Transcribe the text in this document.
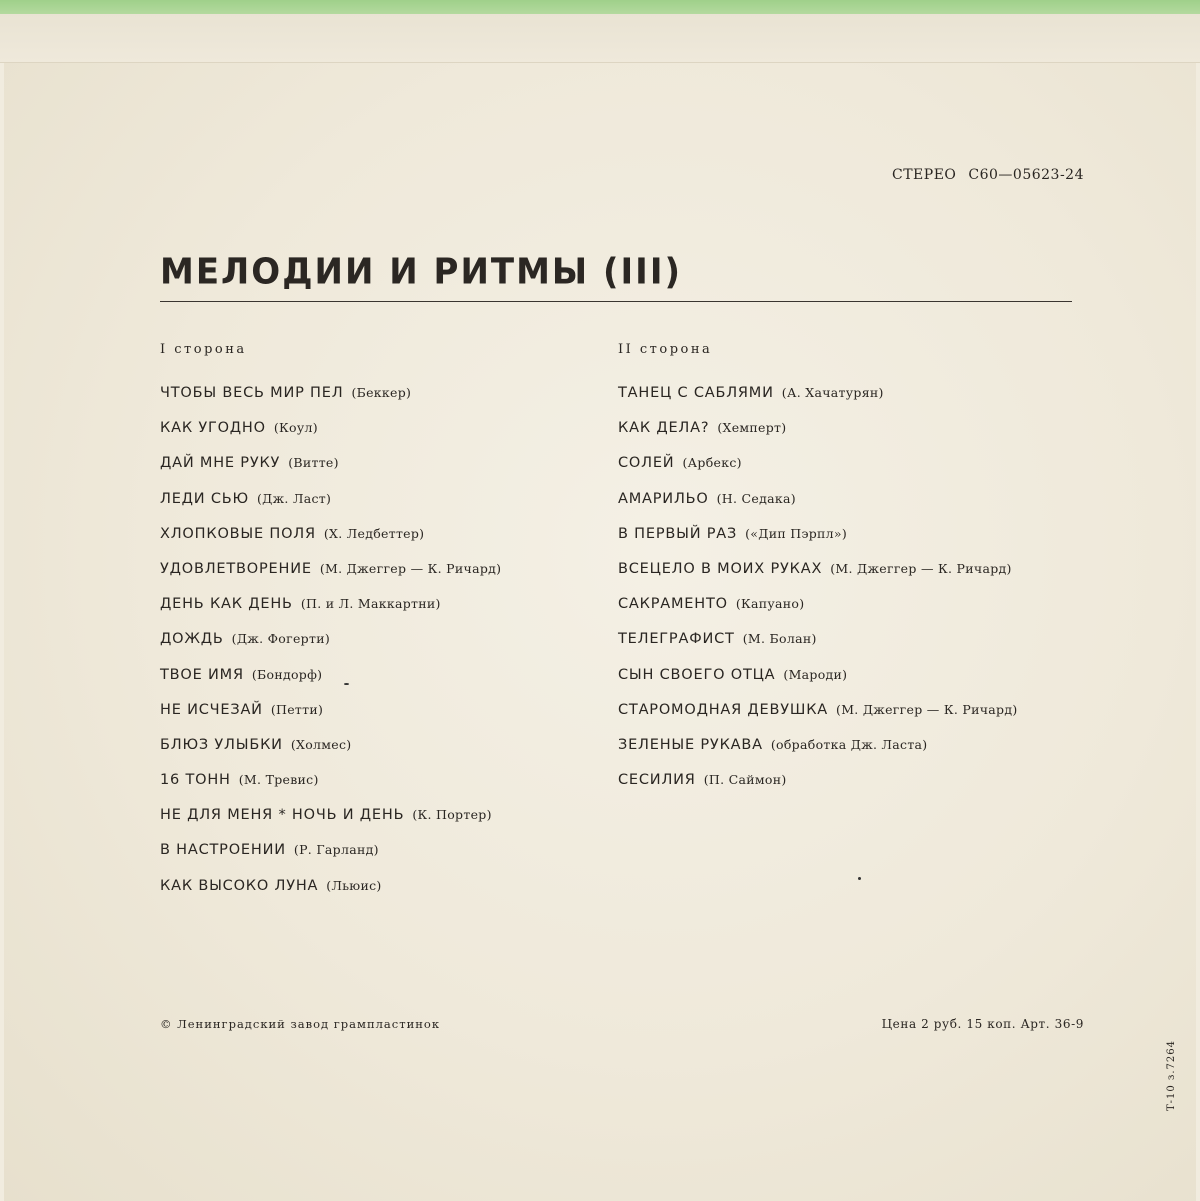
СТЕРЕО С60—05623-24
МЕЛОДИИ И РИТМЫ (III)
I сторона	II сторона
ЧТОБЫ ВЕСЬ МИР ПЕЛ (Беккер)
КАК УГОДНО (Коул)
ДАЙ МНЕ РУКУ (Витте)
ЛЕДИ СЬЮ (Дж. Ласт)
ХЛОПКОВЫЕ ПОЛЯ (Х. Ледбеттер)
УДОВЛЕТВОРЕНИЕ (М. Джеггер — К. Ричард)
ДЕНЬ КАК ДЕНЬ (П. и Л. Маккартни)
ДОЖДЬ (Дж. Фогерти)
ТВОЕ ИМЯ (Бондорф)
НЕ ИСЧЕЗАЙ (Петти)
БЛЮЗ УЛЫБКИ (Холмес)
16 ТОНН (М. Тревис)
НЕ ДЛЯ МЕНЯ * НОЧЬ И ДЕНЬ (К. Портер)
В НАСТРОЕНИИ (Р. Гарланд)
КАК ВЫСОКО ЛУНА (Льюис)
ТАНЕЦ С САБЛЯМИ (А. Хачатурян)
КАК ДЕЛА? (Хемперт)
СОЛЕЙ (Арбекс)
АМАРИЛЬО (Н. Седака)
В ПЕРВЫЙ РАЗ («Дип Пэрпл»)
ВСЕЦЕЛО В МОИХ РУКАХ (М. Джеггер — К. Ричард)
САКРАМЕНТО (Капуано)
ТЕЛЕГРАФИСТ (М. Болан)
СЫН СВОЕГО ОТЦА (Мароди)
СТАРОМОДНАЯ ДЕВУШКА (М. Джеггер — К. Ричард)
ЗЕЛЕНЫЕ РУКАВА (обработка Дж. Ласта)
СЕСИЛИЯ (П. Саймон)
© Ленинградский завод грампластинок	Цена 2 руб. 15 коп. Арт. 36-9
Т-10 з.7264
